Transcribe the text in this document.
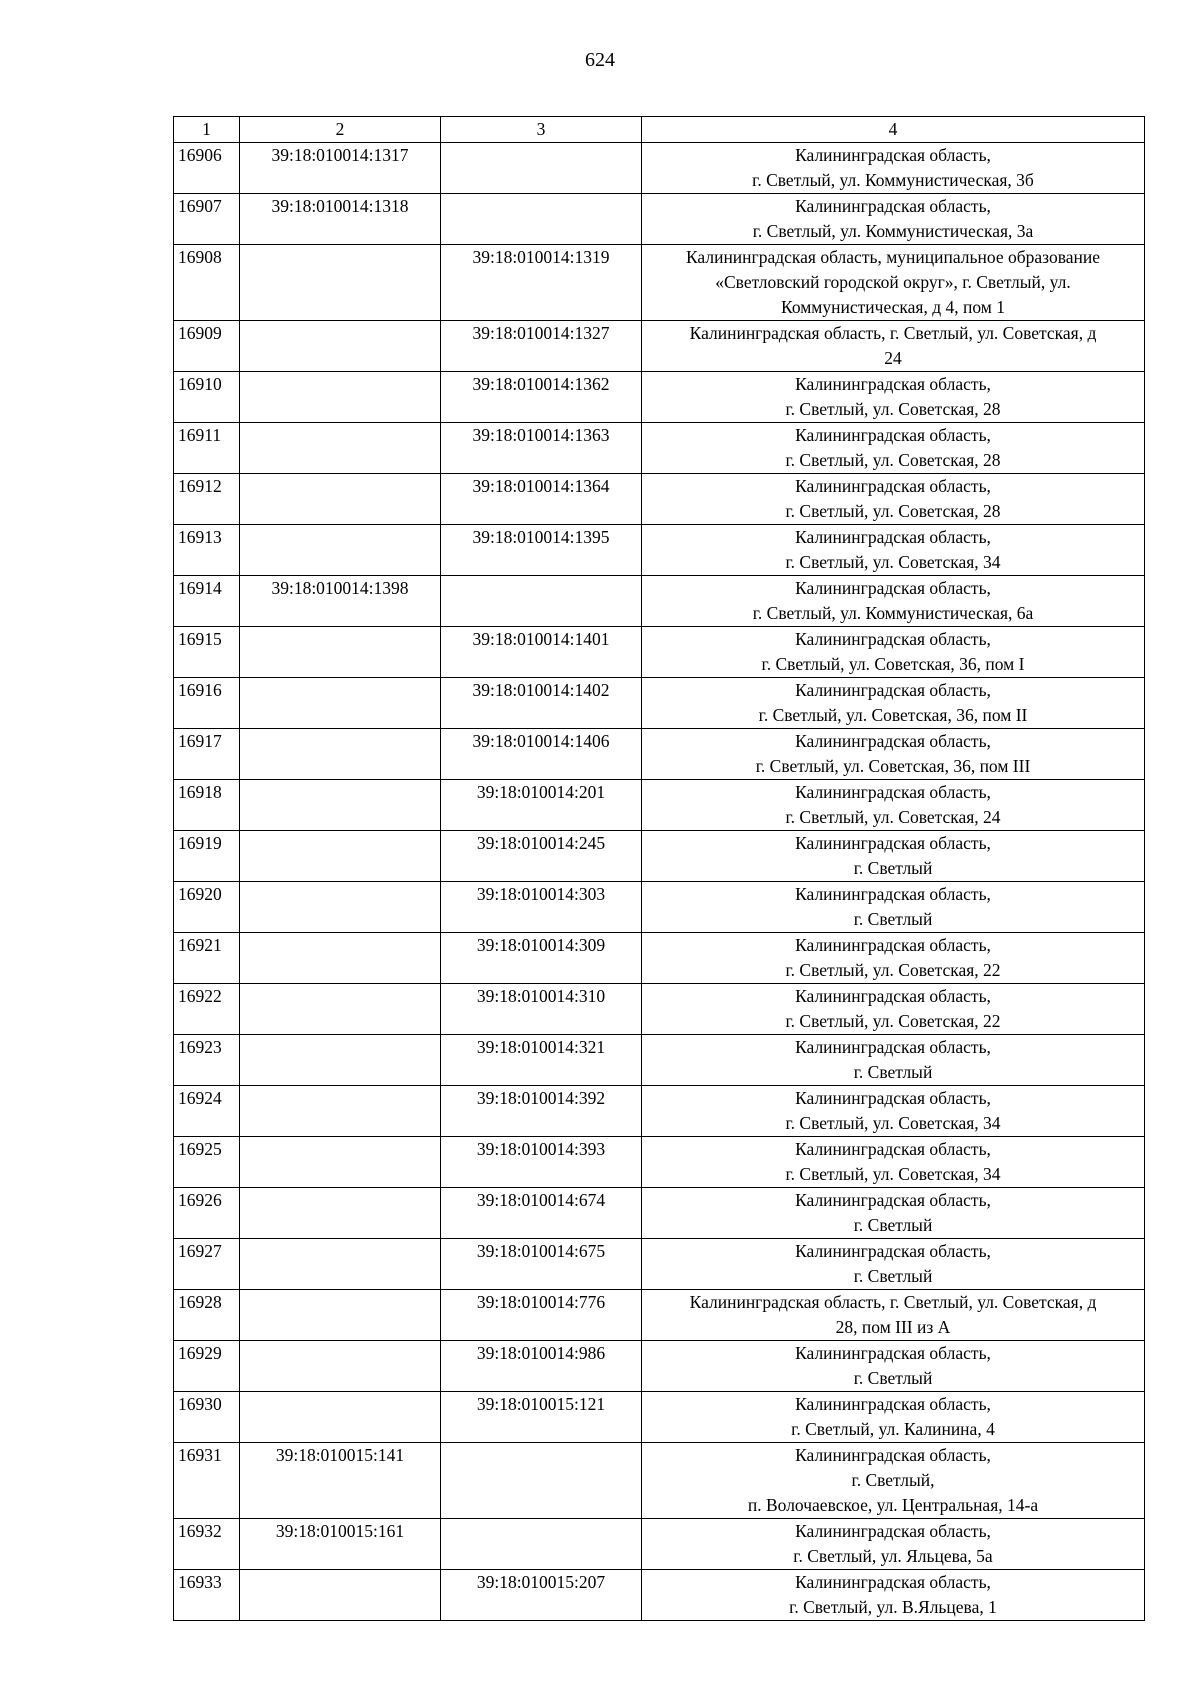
624
1	2	3	4
16906	39:18:010014:1317		Калининградская область,
г. Светлый, ул. Коммунистическая, 3б

16907	39:18:010014:1318		Калининградская область,
г. Светлый, ул. Коммунистическая, 3а

16908		39:18:010014:1319	Калининградская область, муниципальное образование
«Светловский городской округ», г. Светлый, ул.
Коммунистическая, д 4, пом 1

16909		39:18:010014:1327	Калининградская область, г. Светлый, ул. Советская, д
24

16910		39:18:010014:1362	Калининградская область,
г. Светлый, ул. Советская, 28

16911		39:18:010014:1363	Калининградская область,
г. Светлый, ул. Советская, 28

16912		39:18:010014:1364	Калининградская область,
г. Светлый, ул. Советская, 28

16913		39:18:010014:1395	Калининградская область,
г. Светлый, ул. Советская, 34

16914	39:18:010014:1398		Калининградская область,
г. Светлый, ул. Коммунистическая, 6а

16915		39:18:010014:1401	Калининградская область,
г. Светлый, ул. Советская, 36, пом I

16916		39:18:010014:1402	Калининградская область,
г. Светлый, ул. Советская, 36, пом II

16917		39:18:010014:1406	Калининградская область,
г. Светлый, ул. Советская, 36, пом III

16918		39:18:010014:201	Калининградская область,
г. Светлый, ул. Советская, 24

16919		39:18:010014:245	Калининградская область,
г. Светлый

16920		39:18:010014:303	Калининградская область,
г. Светлый

16921		39:18:010014:309	Калининградская область,
г. Светлый, ул. Советская, 22

16922		39:18:010014:310	Калининградская область,
г. Светлый, ул. Советская, 22

16923		39:18:010014:321	Калининградская область,
г. Светлый

16924		39:18:010014:392	Калининградская область,
г. Светлый, ул. Советская, 34

16925		39:18:010014:393	Калининградская область,
г. Светлый, ул. Советская, 34

16926		39:18:010014:674	Калининградская область,
г. Светлый

16927		39:18:010014:675	Калининградская область,
г. Светлый

16928		39:18:010014:776	Калининградская область, г. Светлый, ул. Советская, д
28, пом III из А

16929		39:18:010014:986	Калининградская область,
г. Светлый

16930		39:18:010015:121	Калининградская область,
г. Светлый, ул. Калинина, 4

16931	39:18:010015:141		Калининградская область,
г. Светлый,
п. Волочаевское, ул. Центральная, 14-а

16932	39:18:010015:161		Калининградская область,
г. Светлый, ул. Яльцева, 5а

16933		39:18:010015:207	Калининградская область,
г. Светлый, ул. В.Яльцева, 1
